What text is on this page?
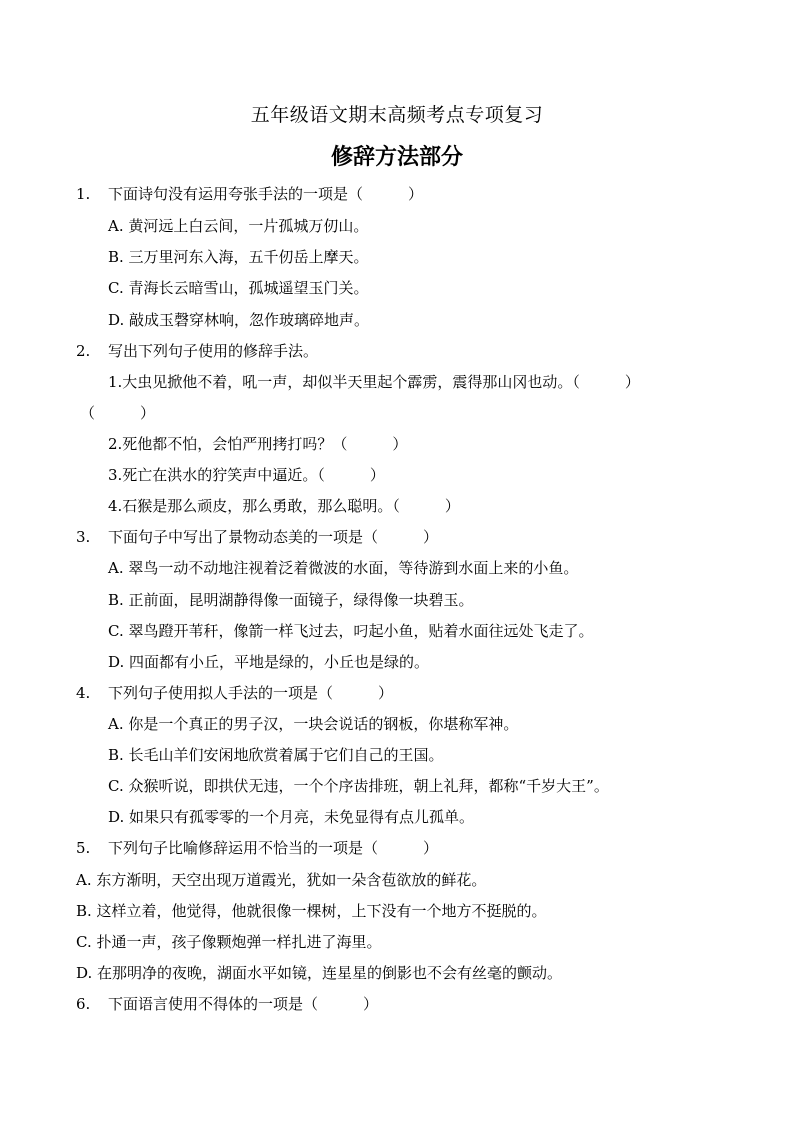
五年级语文期末高频考点专项复习
修辞方法部分
1. 下面诗句没有运用夸张手法的一项是（　　　）
A. 黄河远上白云间，一片孤城万仞山。
B. 三万里河东入海，五千仞岳上摩天。
C. 青海长云暗雪山，孤城遥望玉门关。
D. 敲成玉磬穿林响，忽作玻璃碎地声。
2. 写出下列句子使用的修辞手法。
1.大虫见掀他不着，吼一声，却似半天里起个霹雳，震得那山冈也动。（　　　）
（　　　）
2.死他都不怕，会怕严刑拷打吗？（　　　）
3.死亡在洪水的狞笑声中逼近。（　　　）
4.石猴是那么顽皮，那么勇敢，那么聪明。（　　　）
3. 下面句子中写出了景物动态美的一项是（　　　）
A. 翠鸟一动不动地注视着泛着微波的水面，等待游到水面上来的小鱼。
B. 正前面，昆明湖静得像一面镜子，绿得像一块碧玉。
C. 翠鸟蹬开苇秆，像箭一样飞过去，叼起小鱼，贴着水面往远处飞走了。
D. 四面都有小丘，平地是绿的，小丘也是绿的。
4. 下列句子使用拟人手法的一项是（　　　）
A. 你是一个真正的男子汉，一块会说话的钢板，你堪称军神。
B. 长毛山羊们安闲地欣赏着属于它们自己的王国。
C. 众猴听说，即拱伏无违，一个个序齿排班，朝上礼拜，都称“千岁大王”。
D. 如果只有孤零零的一个月亮，未免显得有点儿孤单。
5. 下列句子比喻修辞运用不恰当的一项是（　　　）
A. 东方渐明，天空出现万道霞光，犹如一朵含苞欲放的鲜花。
B. 这样立着，他觉得，他就很像一棵树，上下没有一个地方不挺脱的。
C. 扑通一声，孩子像颗炮弹一样扎进了海里。
D. 在那明净的夜晚，湖面水平如镜，连星星的倒影也不会有丝毫的颤动。
6. 下面语言使用不得体的一项是（　　　）
